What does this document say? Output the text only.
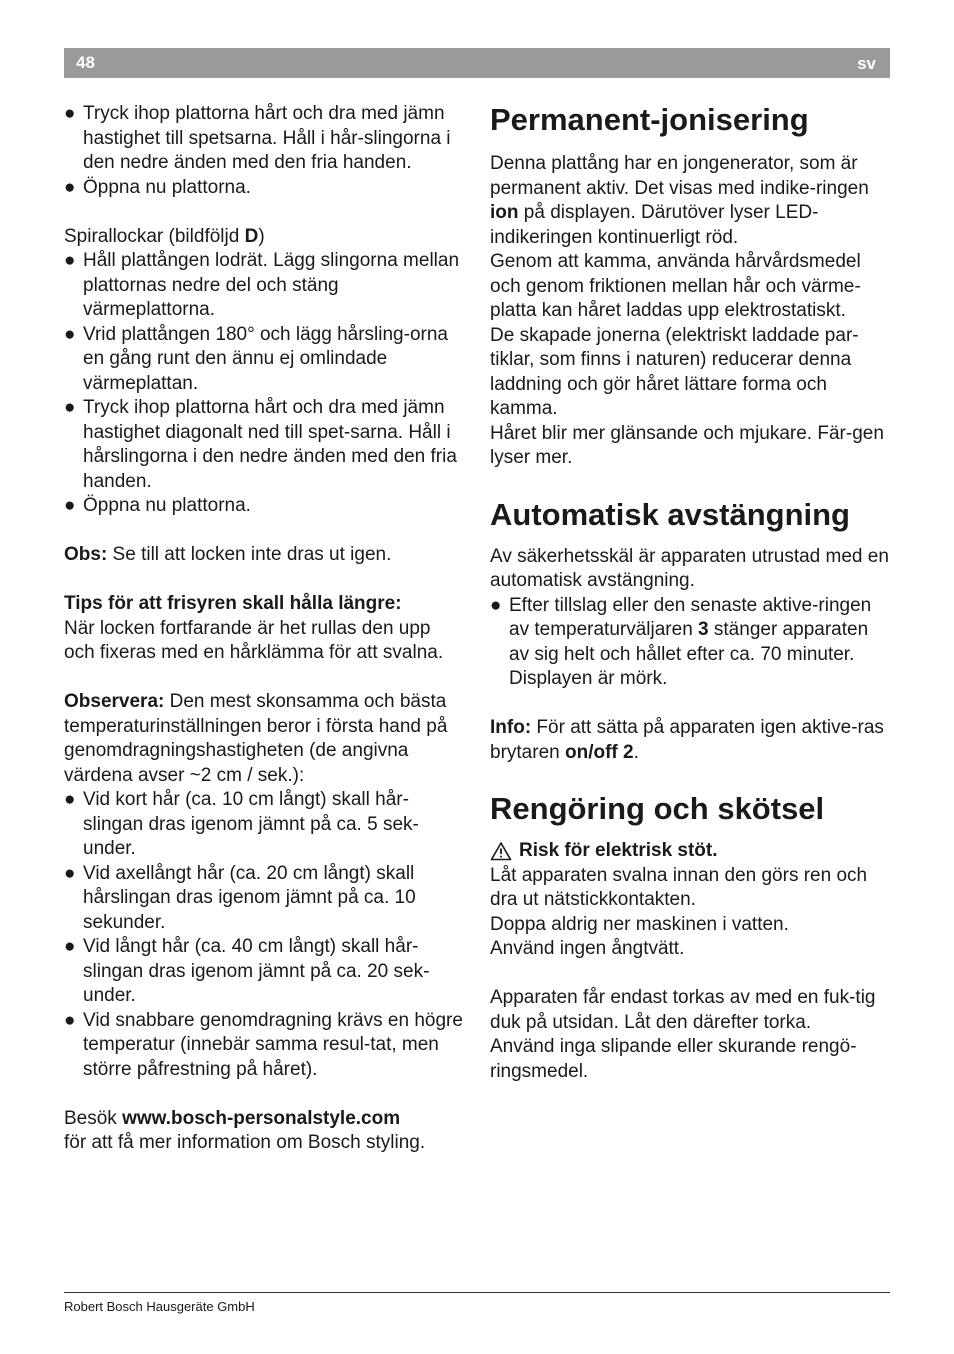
48	sv
● Tryck ihop plattorna hårt och dra med jämn hastighet till spetsarna. Håll i hår-slingorna i den nedre änden med den fria handen.
● Öppna nu plattorna.

Spirallockar (bildföljd D)

● Håll plattången lodrät. Lägg slingorna mellan plattornas nedre del och stäng värmeplattorna.
● Vrid plattången 180° och lägg hårsling-orna en gång runt den ännu ej omlindade värmeplattan.
● Tryck ihop plattorna hårt och dra med jämn hastighet diagonalt ned till spet-sarna. Håll i hårslingorna i den nedre änden med den fria handen.
● Öppna nu plattorna.

Obs: Se till att locken inte dras ut igen.

Tips för att frisyren skall hålla längre:

När locken fortfarande är het rullas den upp och fixeras med en hårklämma för att svalna.

Observera: Den mest skonsamma och bästa temperaturinställningen beror i första hand på genomdragningshastigheten (de angivna värdena avser ~2 cm / sek.):

● Vid kort hår (ca. 10 cm långt) skall hår-slingan dras igenom jämnt på ca. 5 sek-under.
● Vid axellångt hår (ca. 20 cm långt) skall hårslingan dras igenom jämnt på ca. 10 sekunder.
● Vid långt hår (ca. 40 cm långt) skall hår-slingan dras igenom jämnt på ca. 20 sek-under.
● Vid snabbare genomdragning krävs en högre temperatur (innebär samma resul-tat, men större påfrestning på håret).

Besök www.bosch-personalstyle.com

för att få mer information om Bosch styling.

Permanent-jonisering

Denna plattång har en jongenerator, som är permanent aktiv. Det visas med indike-ringen ion på displayen. Därutöver lyser LED-indikeringen kontinuerligt röd.

Genom att kamma, använda hårvårdsmedel och genom friktionen mellan hår och värme-platta kan håret laddas upp elektrostatiskt.

De skapade jonerna (elektriskt laddade par-tiklar, som finns i naturen) reducerar denna laddning och gör håret lättare forma och kamma.

Håret blir mer glänsande och mjukare. Fär-gen lyser mer.

Automatisk avstängning

Av säkerhetsskäl är apparaten utrustad med en automatisk avstängning.

● Efter tillslag eller den senaste aktive-ringen av temperaturväljaren 3 stänger apparaten av sig helt och hållet efter ca. 70 minuter. Displayen är mörk.

Info: För att sätta på apparaten igen aktive-ras brytaren on/off 2.

Rengöring och skötsel

Risk för elektrisk stöt.

Låt apparaten svalna innan den görs ren och dra ut nätstickkontakten.

Doppa aldrig ner maskinen i vatten.

Använd ingen ångtvätt.

Apparaten får endast torkas av med en fuk-tig duk på utsidan. Låt den därefter torka.

Använd inga slipande eller skurande rengö-ringsmedel.

Robert Bosch Hausgeräte GmbH
